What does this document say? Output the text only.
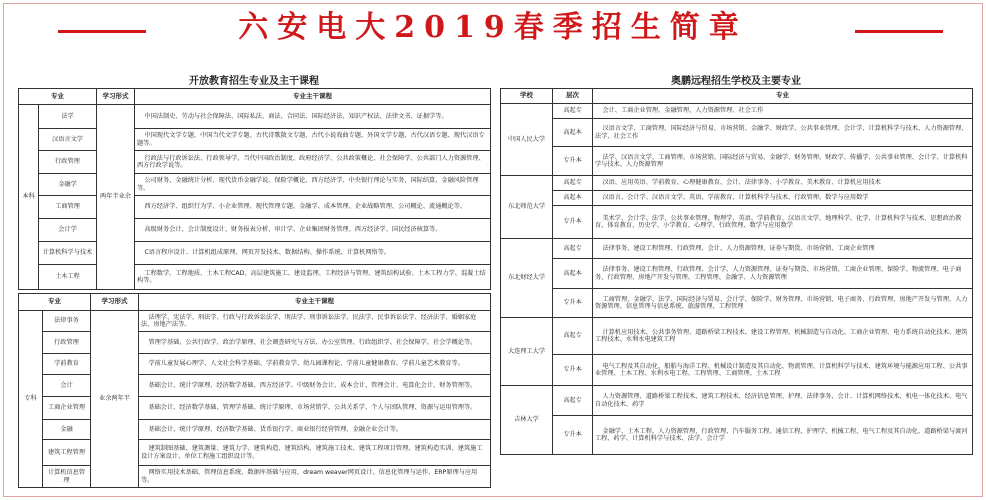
六安电大2019春季招生简章
开放教育招生专业及主干课程
专业		学习形式	专业主干课程
本科	法学	两年半业余	中国法制史、劳动与社会保障法、国际私法、商法、合同法、国际经济法、知识产权法、法律文书、证据学等。
	汉语言文学		中国现代文学专题、中国当代文学专题、古代诗歌散文专题、古代小说戏曲专题、外国文学专题、古代汉语专题、现代汉语专题等。
	行政管理		行政法与行政诉讼法、行政领导学、当代中国政治制度、政府经济学、公共政策概论、社会保障学、公共部门人力资源管理、西方行政学说等。
	金融学		公司财务、金融统计分析、现代货币金融学说、保险学概论、西方经济学、中央银行理论与实务、国际结算、金融风险管理等。
	工商管理		西方经济学、组织行为学、小企业管理、现代管理专题、金融学、成本管理、企业战略管理、公司概论、流通概论等。
	会计学		高级财务会计、会计制度设计、财务报表分析、审计学、企业集团财务管理、西方经济学、国民经济核算等。
	计算机科学与技术		C语言程序设计、计算机组成原理、网页开发技术、数据结构、操作系统、计算机网络等。
	土木工程		工程数学、工程地质、土木工程CAD、高层建筑施工、建设监理、工程经济与管理、建筑结构试验、土木工程力学、混凝土结构等。
专业		学习形式	专业主干课程
专科	法律事务	业余两年半	法理学、宪法学、刑法学、行政与行政诉讼法学、刑法学、刑事诉讼法学、民法学、民事诉讼法学、经济法学、婚姻家庭法、房地产法等。
	行政管理		管理学基础、公共行政学、政治学原理、社会调查研究与方法、办公室管理、行政组织学、社会保障学、社会学概论等。
	学前教育		学前儿童发展心理学、人文社会科学基础、学前教育学、幼儿园课程论、学前儿童健康教育、学前儿童艺术教育等。
	会计		基础会计、统计学原理、经济数学基础、西方经济学、中级财务会计、成本会计、管理会计、电算化会计、财务管理等。
	工商企业管理		基础会计、经济数学基础、管理学基础、统计学原理、市场营销学、公共关系学、个人与团队管理、资源与运用管理等。
	金融		基础会计、统计学原理、经济数学基础、货币银行学、商业银行经营管理、金融企业会计等。
	建筑工程管理		建筑制图基础、建筑测量、建筑力学、建筑构造、建筑结构、建筑施工技术、建筑工程项目管理、建筑构造实训、建筑施工设计方案设计、单位工程施工组织设计等。
	计算机信息管理		网络实用技术基础、管理信息系统、数据库基础与应用、dream weaver网页设计、信息化管理与运作、ERP原理与应用等。
奥鹏远程招生学校及主要专业
学校	层次	专业
中国人民大学	高起专	会计、工商企业管理、金融管理、人力资源管理、社会工作
	高起本	汉语言文学、工商管理、国际经济与贸易、市场营销、金融学、财政学、公共事业管理、会计学、计算机科学与技术、人力资源管理、法学、社会工作
	专升本	法学、汉语言文学、工商管理、市场营销、国际经济与贸易、金融学、财务管理、财政学、传播学、公共事业管理、会计学、计算机科学与技术、人力资源管理
东北师范大学	高起专	汉语、应用英语、学前教育、心理健康教育、会计、法律事务、小学教育、美术教育、计算机应用技术
	高起本	汉语言、会计学、汉语言文学、英语、学前教育、计算机科学与技术、行政管理、数学与应用数学
	专升本	美术学、会计学、法学、公共事业管理、物理学、英语、学前教育、汉语言文学、地理科学、化学、计算机科学与技术、思想政治教育、体育教育、历史学、小学教育、心理学、行政管理、数学与应用数学
东北财经大学	高起专	法律事务、建设工程管理、行政管理、会计、人力资源管理、证券与期货、市场营销、工商企业管理
	高起本	法律事务、建设工程管理、行政管理、会计学、人力资源管理、证券与期货、市场营销、工商企业管理、保险学、物流管理、电子商务、行政管理、房地产开发与管理、工程管理、金融学、人力资源管理
	专升本	工商管理、金融学、法学、国际经济与贸易、会计学、保险学、财务管理、市场营销、电子商务、行政管理、房地产开发与管理、人力资源管理、信息管理与信息系统、旅游管理、工程管理
大连理工大学	高起专	计算机应用技术、公共事务管理、道路桥梁工程技术、建设工程管理、机械制造与自动化、工商企业管理、电力系统自动化技术、建筑工程技术、水利水电建筑工程
	专升本	电气工程及其自动化、船舶与海洋工程、机械设计制造及其自动化、物流管理、计算机科学与技术、建筑环境与能源应用工程、公共事业管理、土木工程、水利水电工程、工程管理、工商管理、土木工程
吉林大学	高起专	人力资源管理、道路桥梁工程技术、建筑工程技术、经济信息管理、护理、法律事务、会计、计算机网络技术、机电一体化技术、电气自动化技术、药学
	专升本	金融学、土木工程、人力资源管理、行政管理、汽车服务工程、通信工程、护理学、机械工程、电气工程及其自动化、道路桥梁与渡河工程、药学、计算机科学与技术、法学、会计学
